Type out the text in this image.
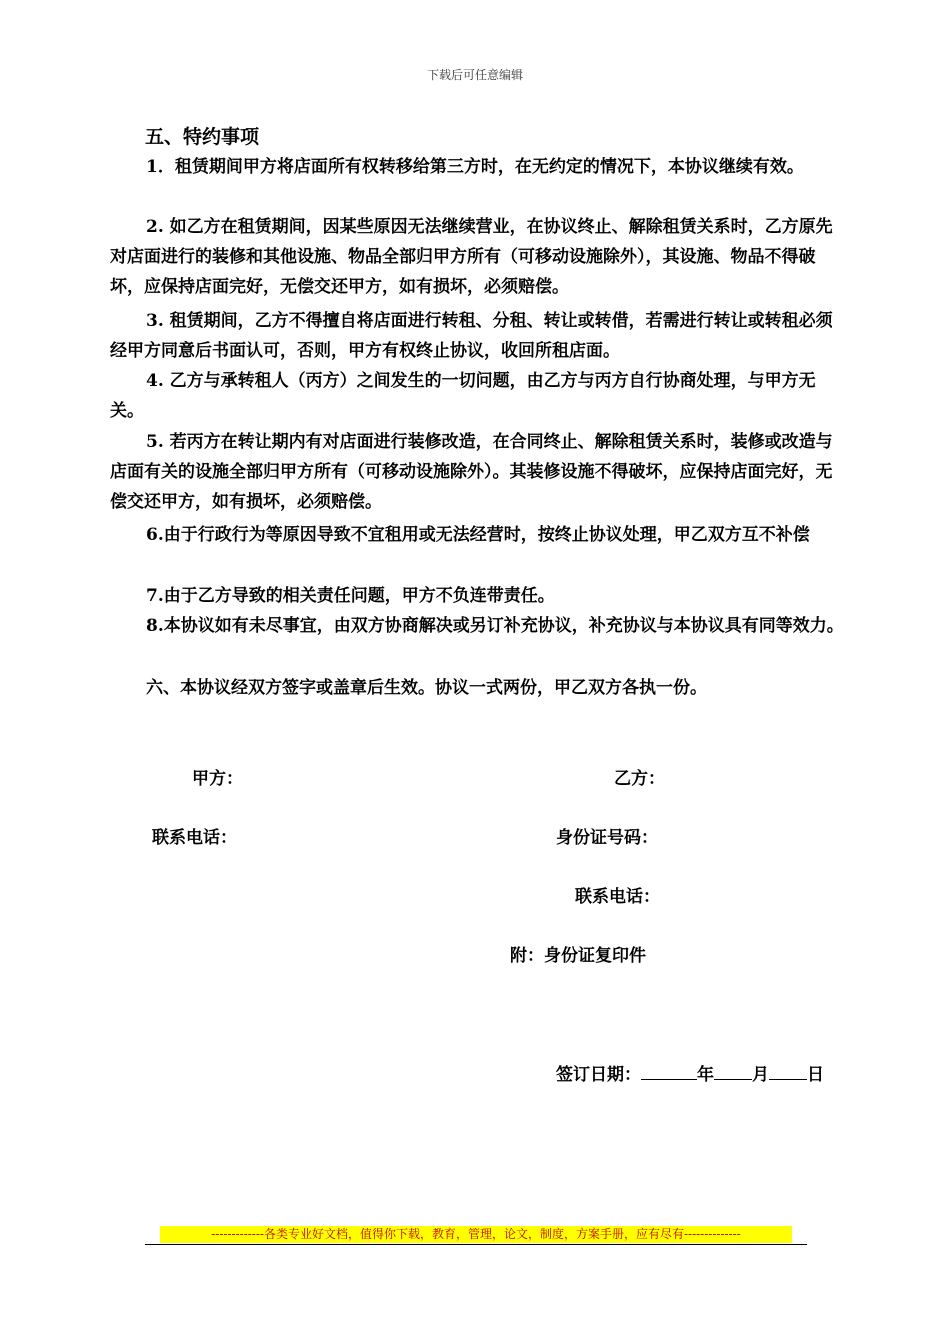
下载后可任意编辑
五、特约事项
1．租赁期间甲方将店面所有权转移给第三方时，在无约定的情况下，本协议继续有效。
2. 如乙方在租赁期间，因某些原因无法继续营业，在协议终止、解除租赁关系时，乙方原先对店面进行的装修和其他设施、物品全部归甲方所有（可移动设施除外），其设施、物品不得破坏，应保持店面完好，无偿交还甲方，如有损坏，必须赔偿。
3. 租赁期间，乙方不得擅自将店面进行转租、分租、转让或转借，若需进行转让或转租必须经甲方同意后书面认可，否则，甲方有权终止协议，收回所租店面。
4. 乙方与承转租人（丙方）之间发生的一切问题，由乙方与丙方自行协商处理，与甲方无关。
5. 若丙方在转让期内有对店面进行装修改造，在合同终止、解除租赁关系时，装修或改造与店面有关的设施全部归甲方所有（可移动设施除外）。其装修设施不得破坏，应保持店面完好，无偿交还甲方，如有损坏，必须赔偿。
6.由于行政行为等原因导致不宜租用或无法经营时，按终止协议处理，甲乙双方互不补偿
7.由于乙方导致的相关责任问题，甲方不负连带责任。
8.本协议如有未尽事宜，由双方协商解决或另订补充协议，补充协议与本协议具有同等效力。
六、本协议经双方签字或盖章后生效。协议一式两份，甲乙双方各执一份。
甲方：	乙方：
联系电话：	身份证号码：
联系电话：
附：身份证复印件
签订日期：	年 月 日
-------------各类专业好文档，值得你下载，教育，管理，论文，制度，方案手册，应有尽有--------------
